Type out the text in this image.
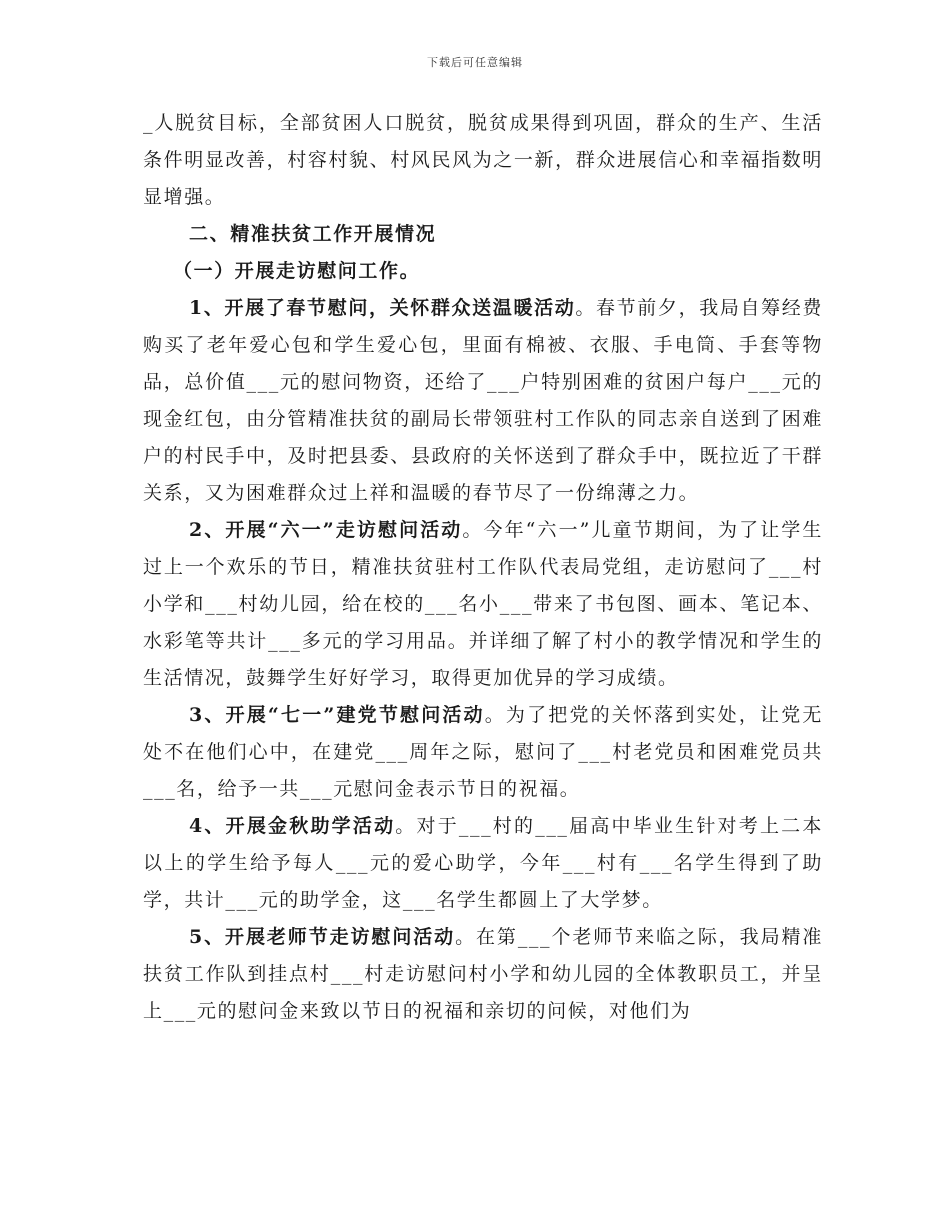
下载后可任意编辑

_人脱贫目标，全部贫困人口脱贫，脱贫成果得到巩固，群众的生产、生活条件明显改善，村容村貌、村风民风为之一新，群众进展信心和幸福指数明显增强。

二、精准扶贫工作开展情况

（一）开展走访慰问工作。

1、开展了春节慰问，关怀群众送温暖活动。春节前夕，我局自筹经费购买了老年爱心包和学生爱心包，里面有棉被、衣服、手电筒、手套等物品，总价值___元的慰问物资，还给了___户特别困难的贫困户每户___元的现金红包，由分管精准扶贫的副局长带领驻村工作队的同志亲自送到了困难户的村民手中，及时把县委、县政府的关怀送到了群众手中，既拉近了干群关系，又为困难群众过上祥和温暖的春节尽了一份绵薄之力。

2、开展“六一”走访慰问活动。今年“六一”儿童节期间，为了让学生过上一个欢乐的节日，精准扶贫驻村工作队代表局党组，走访慰问了___村小学和___村幼儿园，给在校的___名小___带来了书包图、画本、笔记本、水彩笔等共计___多元的学习用品。并详细了解了村小的教学情况和学生的生活情况，鼓舞学生好好学习，取得更加优异的学习成绩。

3、开展“七一”建党节慰问活动。为了把党的关怀落到实处，让党无处不在他们心中，在建党___周年之际，慰问了___村老党员和困难党员共___名，给予一共___元慰问金表示节日的祝福。

4、开展金秋助学活动。对于___村的___届高中毕业生针对考上二本以上的学生给予每人___元的爱心助学，今年___村有___名学生得到了助学，共计___元的助学金，这___名学生都圆上了大学梦。

5、开展老师节走访慰问活动。在第___个老师节来临之际，我局精准扶贫工作队到挂点村___村走访慰问村小学和幼儿园的全体教职员工，并呈上___元的慰问金来致以节日的祝福和亲切的问候，对他们为
